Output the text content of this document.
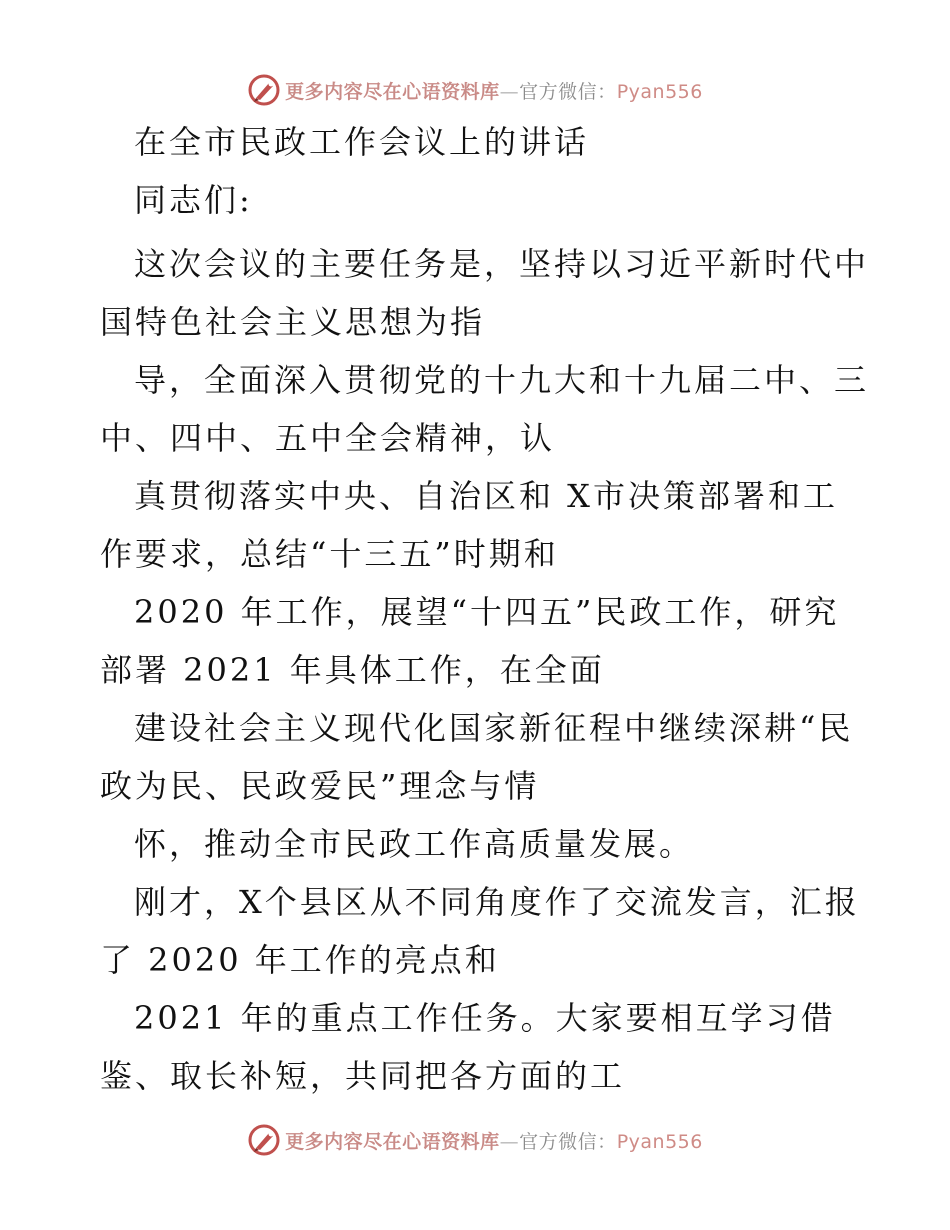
更多内容尽在心语资料库—官方微信：Pyan556
在全市民政工作会议上的讲话
同志们:
这次会议的主要任务是，坚持以习近平新时代中
国特色社会主义思想为指
导，全面深入贯彻党的十九大和十九届二中、三
中、四中、五中全会精神，认
真贯彻落实中央、自治区和 X市决策部署和工
作要求，总结“十三五”时期和
2020 年工作，展望“十四五”民政工作，研究
部署 2021 年具体工作，在全面
建设社会主义现代化国家新征程中继续深耕“民
政为民、民政爱民”理念与情
怀，推动全市民政工作高质量发展。
刚才，X个县区从不同角度作了交流发言，汇报
了 2020 年工作的亮点和
2021 年的重点工作任务。大家要相互学习借
鉴、取长补短，共同把各方面的工
更多内容尽在心语资料库—官方微信：Pyan556
